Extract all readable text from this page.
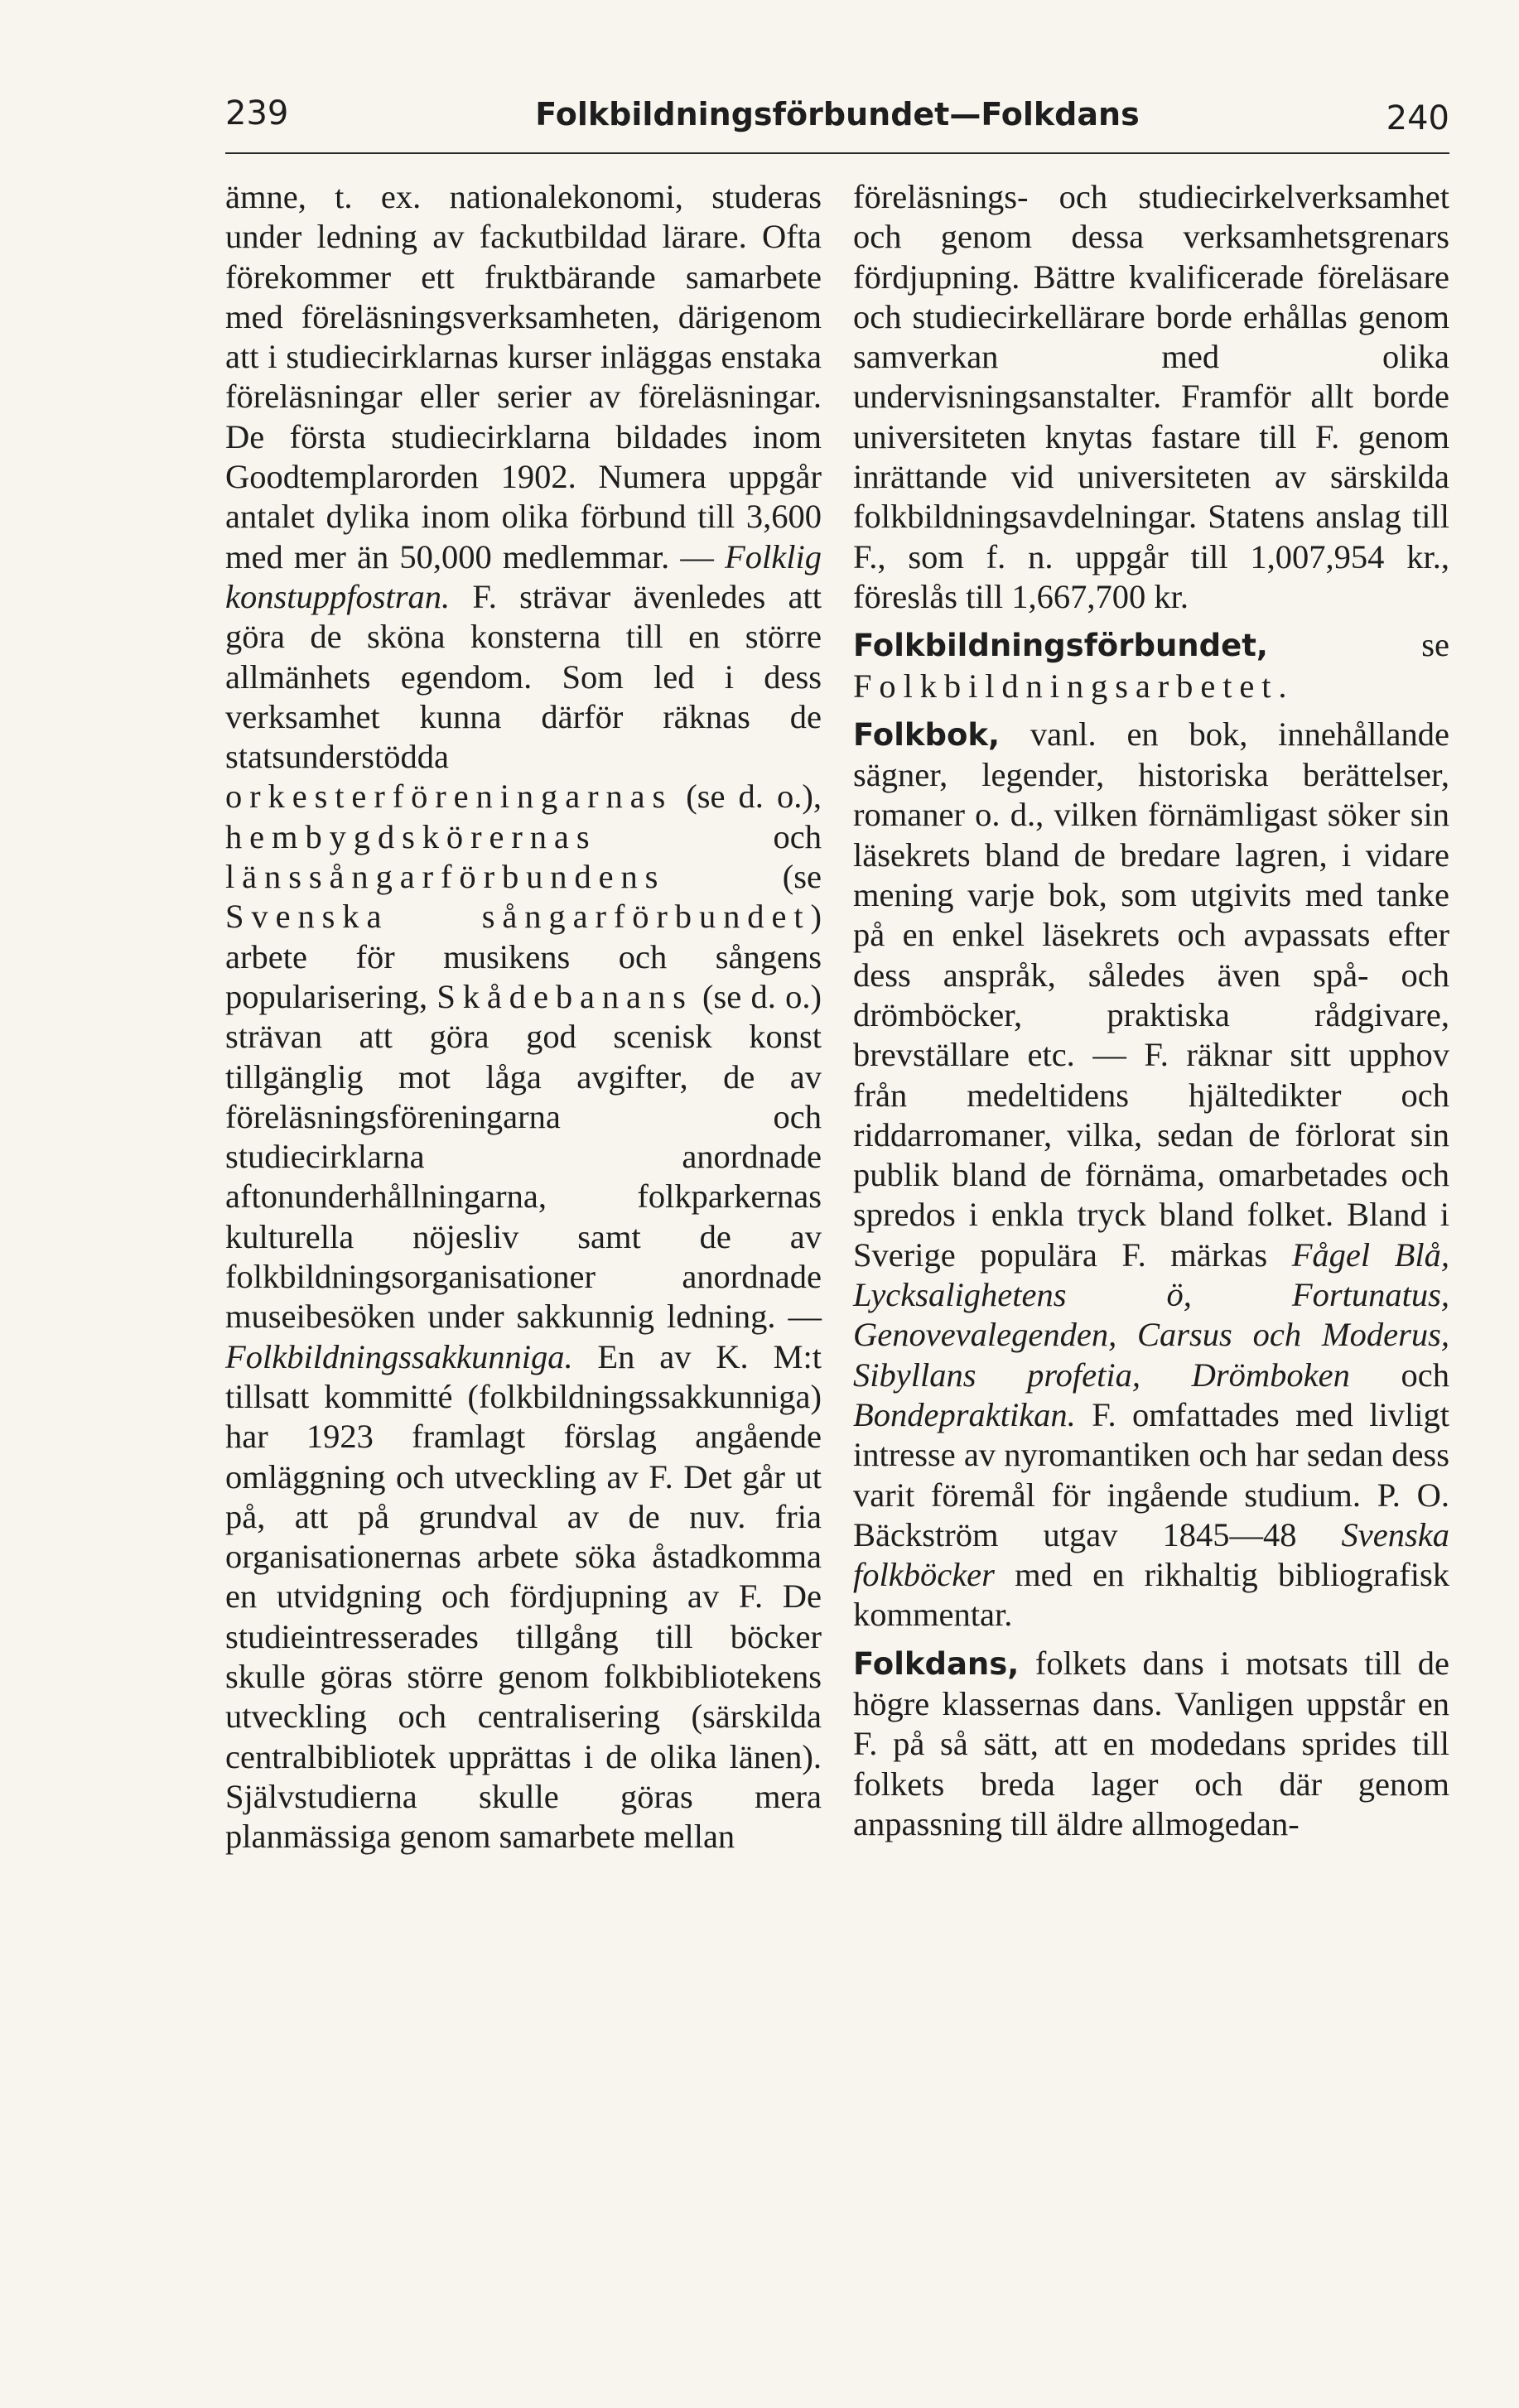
239	Folkbildningsförbundet—Folkdans	240

ämne, t. ex. nationalekonomi, studeras under ledning av fackutbildad lärare. Ofta förekommer ett fruktbärande samarbete med föreläsningsverksamheten, därigenom att i studiecirklarnas kurser inläggas enstaka föreläsningar eller serier av föreläsningar. De första studiecirklarna bildades inom Goodtemplarorden 1902. Numera uppgår antalet dylika inom olika förbund till 3,600 med mer än 50,000 medlemmar. — Folklig konstuppfostran. F. strävar ävenledes att göra de sköna konsterna till en större allmänhets egendom. Som led i dess verksamhet kunna därför räknas de statsunderstödda orkesterföreningarnas (se d. o.), hembygdskörernas och länssångarförbundens (se Svenska sångarförbundet) arbete för musikens och sångens popularisering, Skådebanans (se d. o.) strävan att göra god scenisk konst tillgänglig mot låga avgifter, de av föreläsningsföreningarna och studiecirklarna anordnade aftonunderhållningarna, folkparkernas kulturella nöjesliv samt de av folkbildningsorganisationer anordnade museibesöken under sakkunnig ledning. — Folkbildningssakkunniga. En av K. M:t tillsatt kommitté (folkbildningssakkunniga) har 1923 framlagt förslag angående omläggning och utveckling av F. Det går ut på, att på grundval av de nuv. fria organisationernas arbete söka åstadkomma en utvidgning och fördjupning av F. De studieintresserades tillgång till böcker skulle göras större genom folkbibliotekens utveckling och centralisering (särskilda centralbibliotek upprättas i de olika länen). Självstudierna skulle göras mera planmässiga genom samarbete mellan

föreläsnings- och studiecirkelverksamhet och genom dessa verksamhetsgrenars fördjupning. Bättre kvalificerade föreläsare och studiecirkellärare borde erhållas genom samverkan med olika undervisningsanstalter. Framför allt borde universiteten knytas fastare till F. genom inrättande vid universiteten av särskilda folkbildningsavdelningar. Statens anslag till F., som f. n. uppgår till 1,007,954 kr., föreslås till 1,667,700 kr.

Folkbildningsförbundet, se Folkbildningsarbetet.

Folkbok, vanl. en bok, innehållande sägner, legender, historiska berättelser, romaner o. d., vilken förnämligast söker sin läsekrets bland de bredare lagren, i vidare mening varje bok, som utgivits med tanke på en enkel läsekrets och avpassats efter dess anspråk, således även spå- och drömböcker, praktiska rådgivare, brevställare etc. — F. räknar sitt upphov från medeltidens hjältedikter och riddarromaner, vilka, sedan de förlorat sin publik bland de förnäma, omarbetades och spredos i enkla tryck bland folket. Bland i Sverige populära F. märkas Fågel Blå, Lycksalighetens ö, Fortunatus, Genovevalegenden, Carsus och Moderus, Sibyllans profetia, Drömboken och Bondepraktikan. F. omfattades med livligt intresse av nyromantiken och har sedan dess varit föremål för ingående studium. P. O. Bäckström utgav 1845—48 Svenska folkböcker med en rikhaltig bibliografisk kommentar.

Folkdans, folkets dans i motsats till de högre klassernas dans. Vanligen uppstår en F. på så sätt, att en modedans sprides till folkets breda lager och där genom anpassning till äldre allmogedan-
